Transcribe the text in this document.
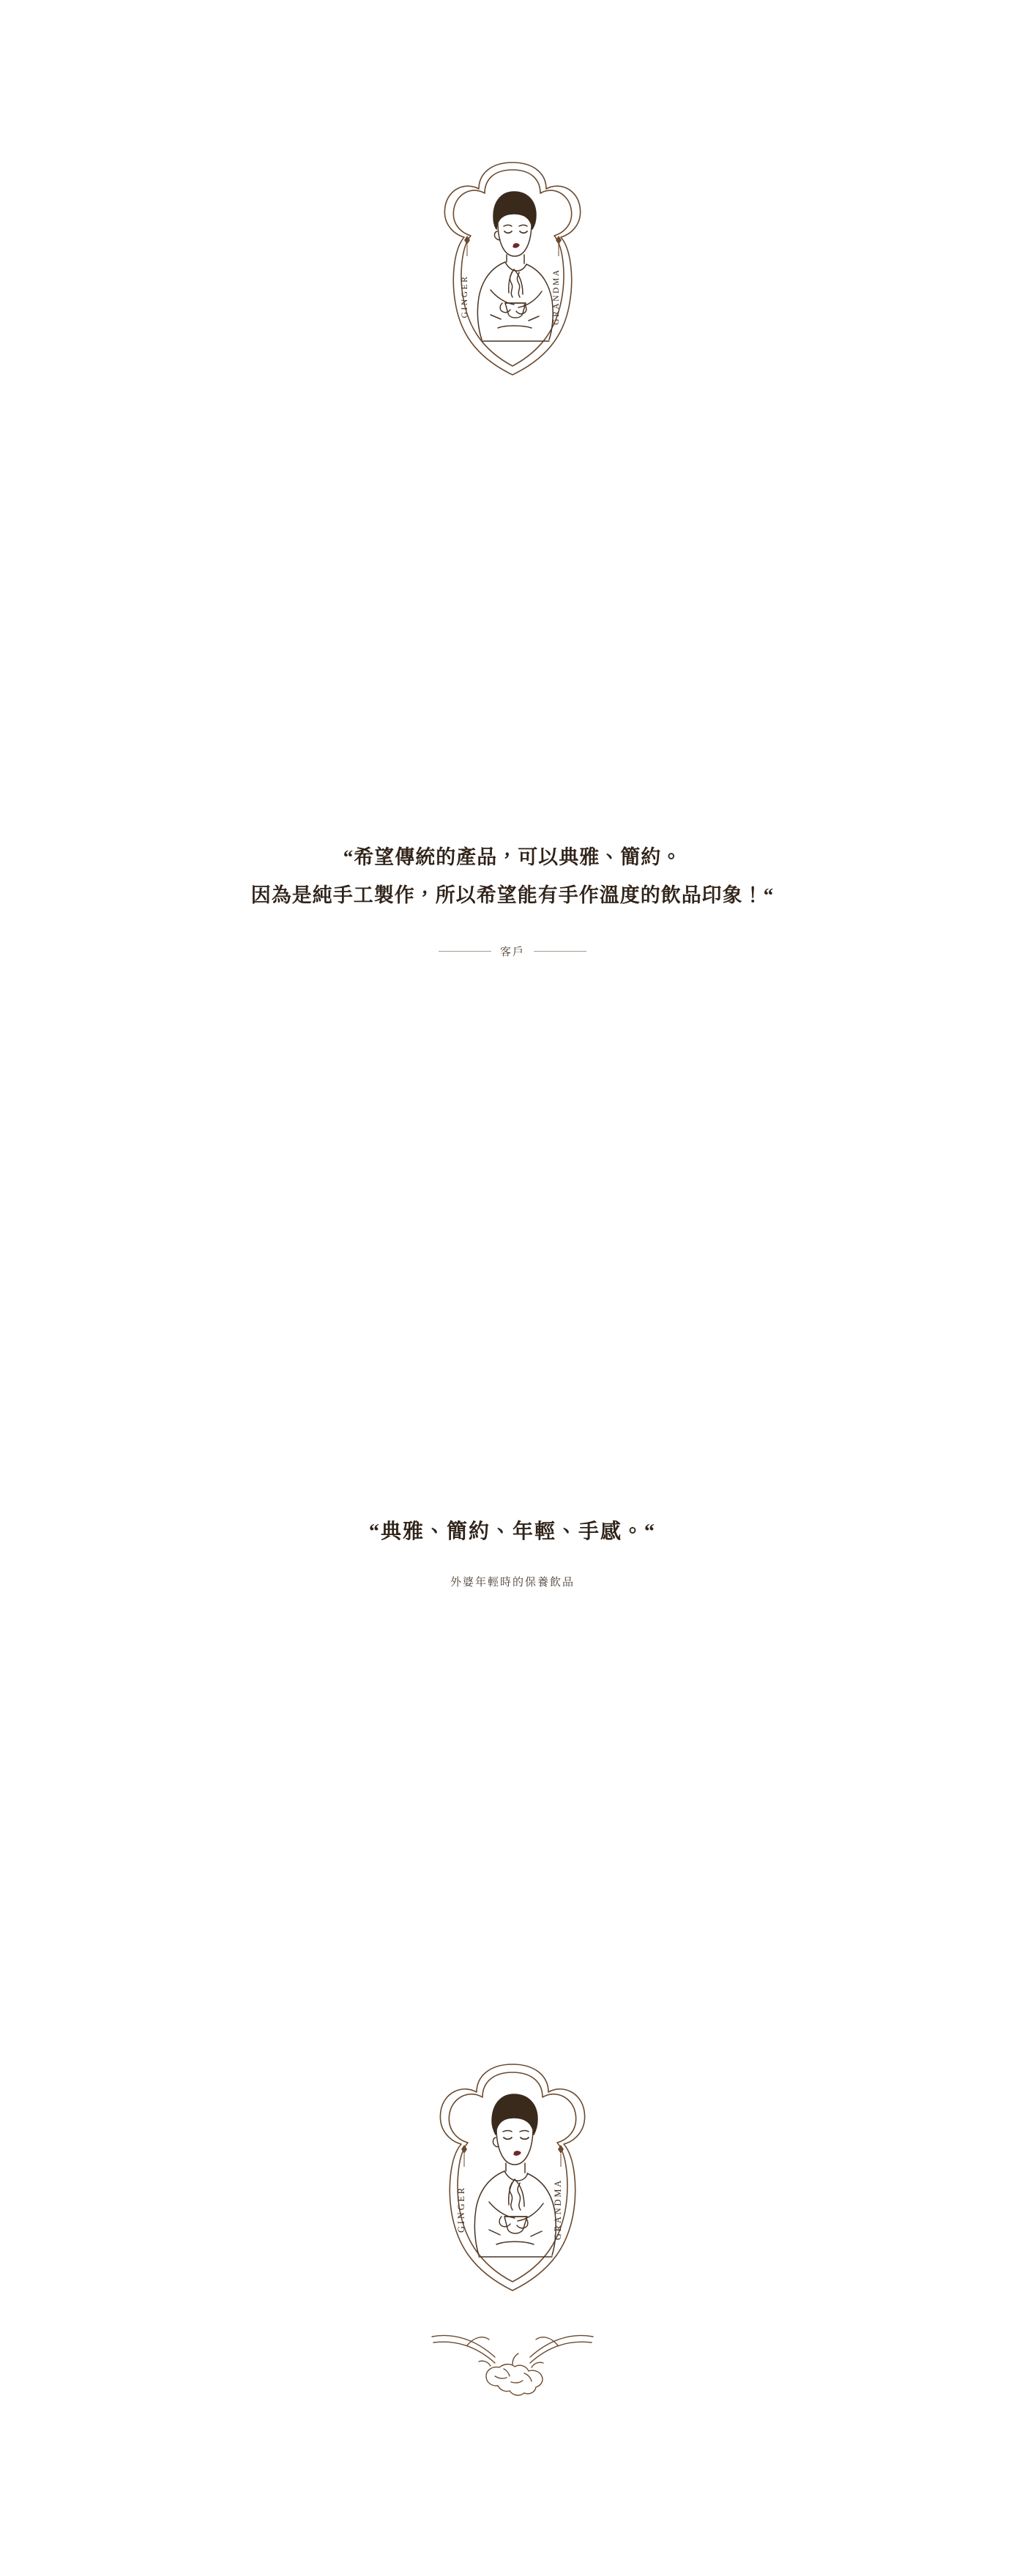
GINGER	GRANDMA
“希望傳統的產品，可以典雅、簡約。
因為是純手工製作，所以希望能有手作溫度的飲品印象！“
客戶
“典雅、簡約、年輕、手感。“
外婆年輕時的保養飲品
GINGER	GRANDMA
